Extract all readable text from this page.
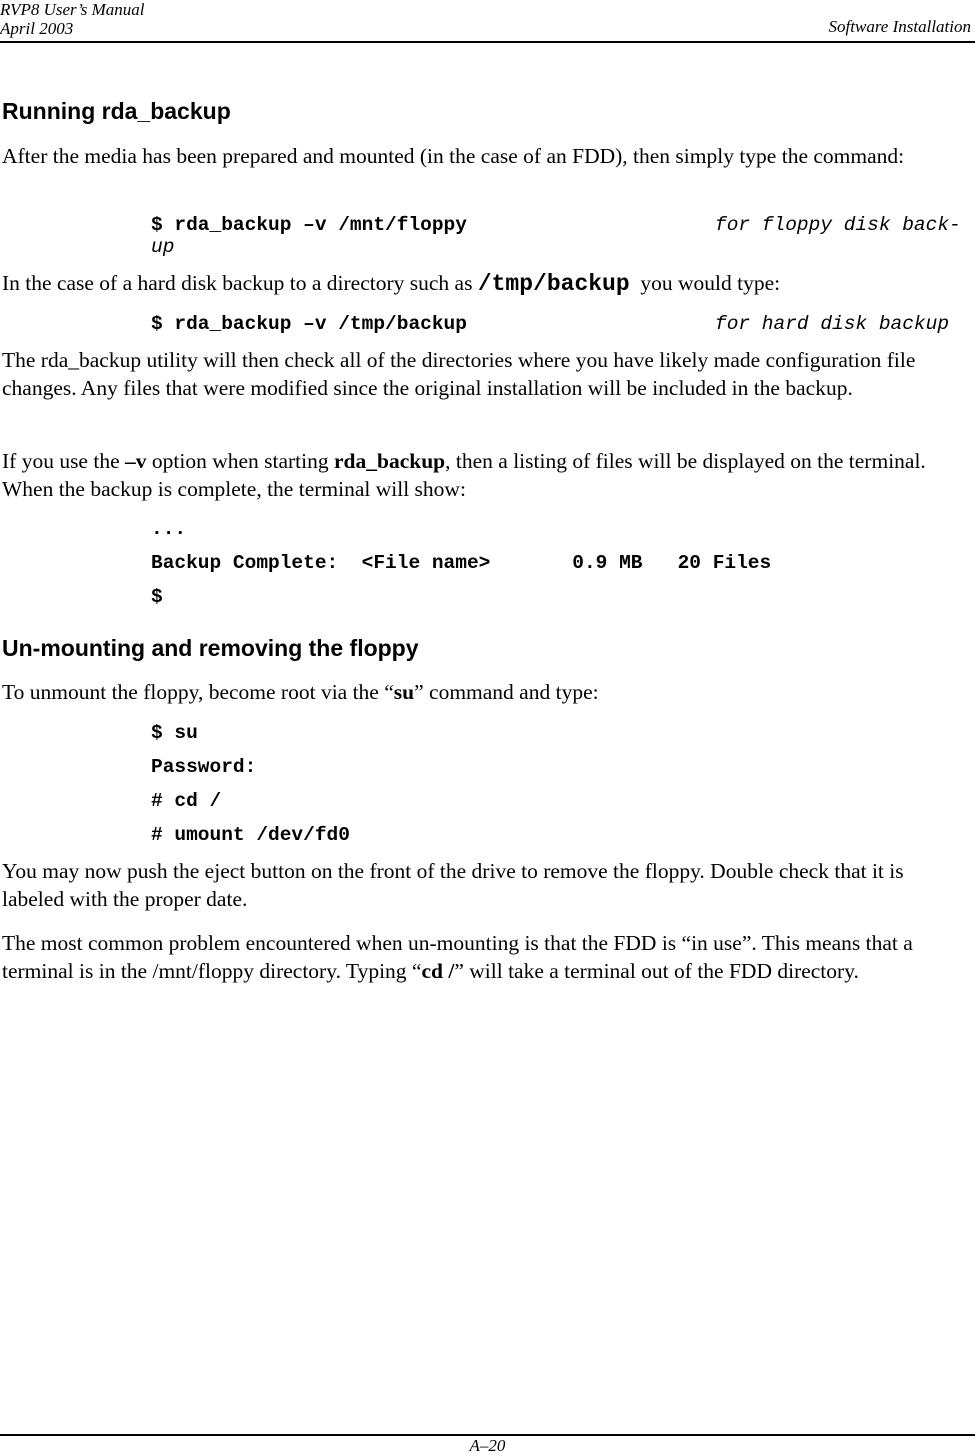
RVP8 User’s Manual
April 2003	Software Installation
Running rda_backup

After the media has been prepared and mounted (in the case of an FDD), then simply type the command:

$ rda_backup –v /mnt/floppy	for floppy disk back-
up

In the case of a hard disk backup to a directory such as /tmp/backup  you would type:

$ rda_backup –v /tmp/backup	for hard disk backup

The rda_backup utility will then check all of the directories where you have likely made configuration file changes. Any files that were modified since the original installation will be included in the backup.

If you use the –v option when starting rda_backup, then a listing of files will be displayed on the terminal. When the backup is complete, the terminal will show:

...
Backup Complete:  <File name>       0.9 MB   20 Files
$
Un-mounting and removing the floppy

To unmount the floppy, become root via the “su” command and type:

$ su
Password:
# cd /
# umount /dev/fd0

You may now push the eject button on the front of the drive to remove the floppy. Double check that it is labeled with the proper date.

The most common problem encountered when un-mounting is that the FDD is “in use”. This means that a terminal is in the /mnt/floppy directory. Typing “cd /” will take a terminal out of the FDD directory.

A–20
